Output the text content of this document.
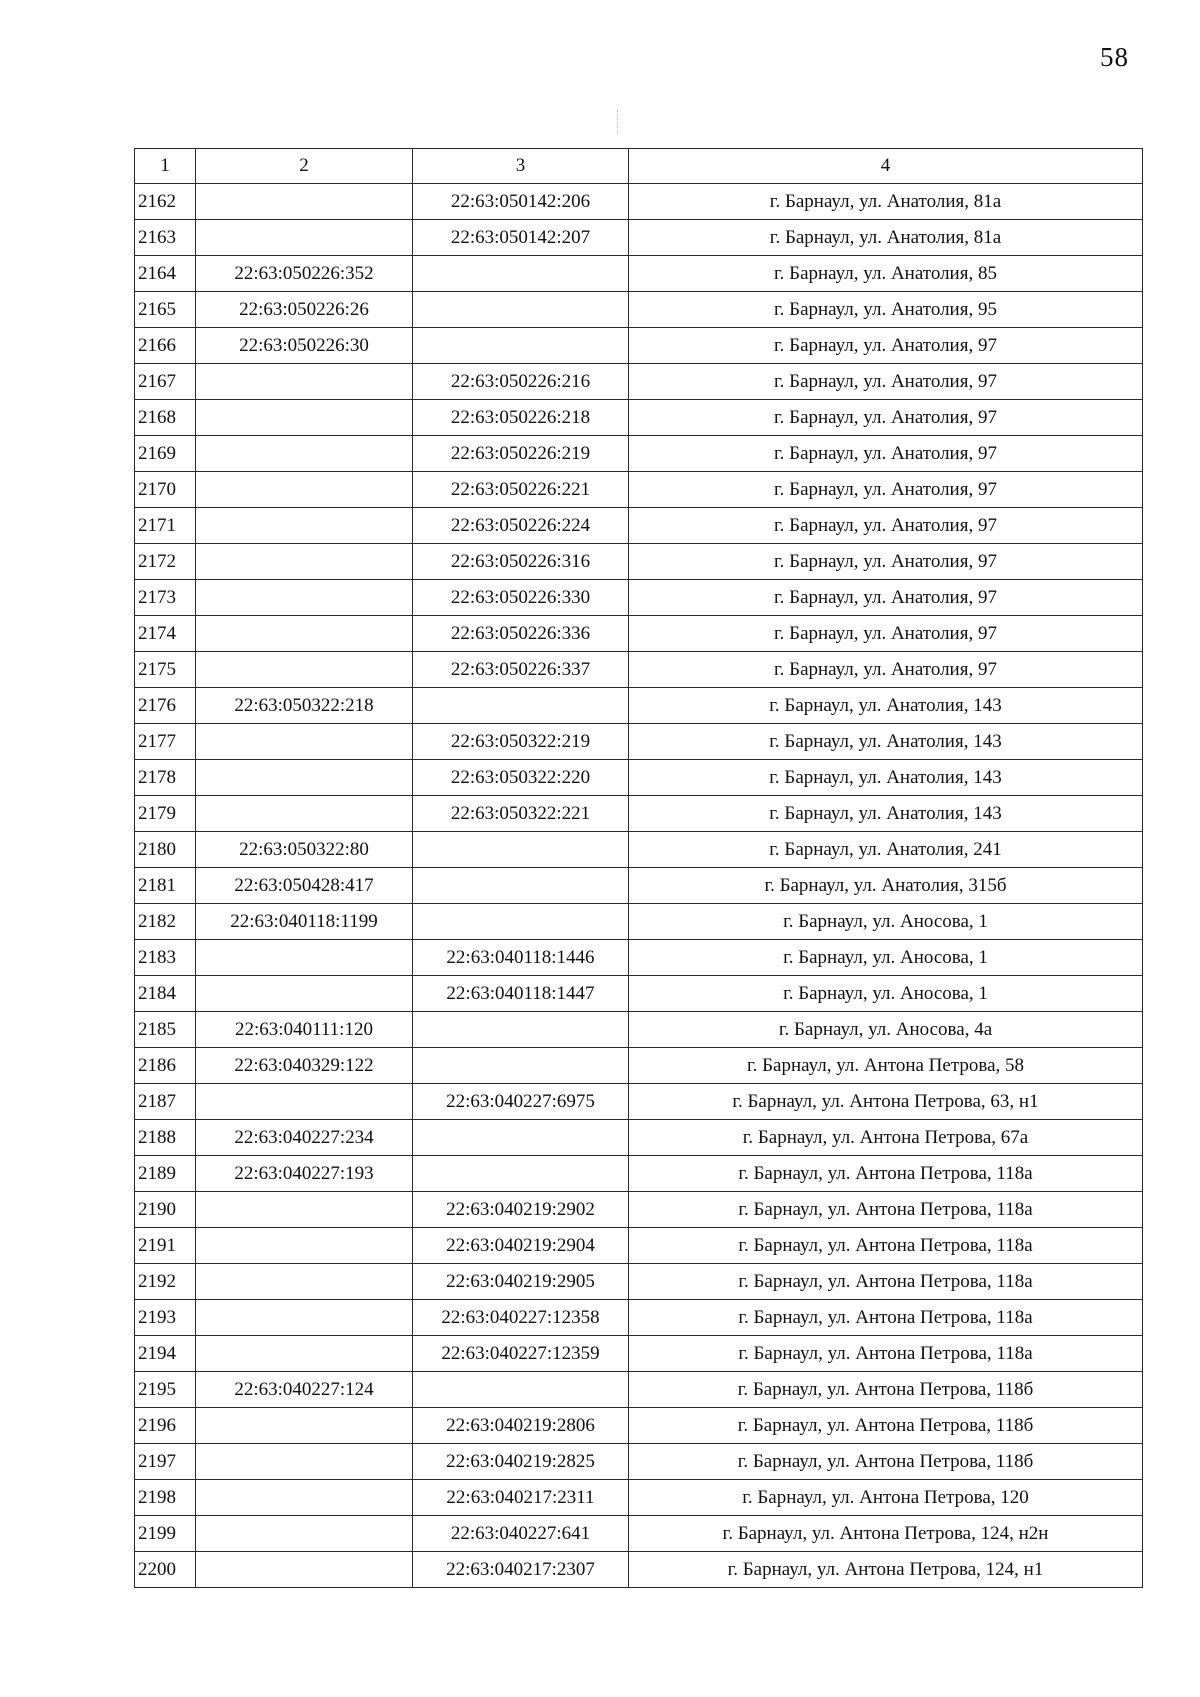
58
1	2	3	4
2162		22:63:050142:206	г. Барнаул, ул. Анатолия, 81а
2163		22:63:050142:207	г. Барнаул, ул. Анатолия, 81а
2164	22:63:050226:352		г. Барнаул, ул. Анатолия, 85
2165	22:63:050226:26		г. Барнаул, ул. Анатолия, 95
2166	22:63:050226:30		г. Барнаул, ул. Анатолия, 97
2167		22:63:050226:216	г. Барнаул, ул. Анатолия, 97
2168		22:63:050226:218	г. Барнаул, ул. Анатолия, 97
2169		22:63:050226:219	г. Барнаул, ул. Анатолия, 97
2170		22:63:050226:221	г. Барнаул, ул. Анатолия, 97
2171		22:63:050226:224	г. Барнаул, ул. Анатолия, 97
2172		22:63:050226:316	г. Барнаул, ул. Анатолия, 97
2173		22:63:050226:330	г. Барнаул, ул. Анатолия, 97
2174		22:63:050226:336	г. Барнаул, ул. Анатолия, 97
2175		22:63:050226:337	г. Барнаул, ул. Анатолия, 97
2176	22:63:050322:218		г. Барнаул, ул. Анатолия, 143
2177		22:63:050322:219	г. Барнаул, ул. Анатолия, 143
2178		22:63:050322:220	г. Барнаул, ул. Анатолия, 143
2179		22:63:050322:221	г. Барнаул, ул. Анатолия, 143
2180	22:63:050322:80		г. Барнаул, ул. Анатолия, 241
2181	22:63:050428:417		г. Барнаул, ул. Анатолия, 315б
2182	22:63:040118:1199		г. Барнаул, ул. Аносова, 1
2183		22:63:040118:1446	г. Барнаул, ул. Аносова, 1
2184		22:63:040118:1447	г. Барнаул, ул. Аносова, 1
2185	22:63:040111:120		г. Барнаул, ул. Аносова, 4а
2186	22:63:040329:122		г. Барнаул, ул. Антона Петрова, 58
2187		22:63:040227:6975	г. Барнаул, ул. Антона Петрова, 63, н1
2188	22:63:040227:234		г. Барнаул, ул. Антона Петрова, 67а
2189	22:63:040227:193		г. Барнаул, ул. Антона Петрова, 118а
2190		22:63:040219:2902	г. Барнаул, ул. Антона Петрова, 118а
2191		22:63:040219:2904	г. Барнаул, ул. Антона Петрова, 118а
2192		22:63:040219:2905	г. Барнаул, ул. Антона Петрова, 118а
2193		22:63:040227:12358	г. Барнаул, ул. Антона Петрова, 118а
2194		22:63:040227:12359	г. Барнаул, ул. Антона Петрова, 118а
2195	22:63:040227:124		г. Барнаул, ул. Антона Петрова, 118б
2196		22:63:040219:2806	г. Барнаул, ул. Антона Петрова, 118б
2197		22:63:040219:2825	г. Барнаул, ул. Антона Петрова, 118б
2198		22:63:040217:2311	г. Барнаул, ул. Антона Петрова, 120
2199		22:63:040227:641	г. Барнаул, ул. Антона Петрова, 124, н2н
2200		22:63:040217:2307	г. Барнаул, ул. Антона Петрова, 124, н1
